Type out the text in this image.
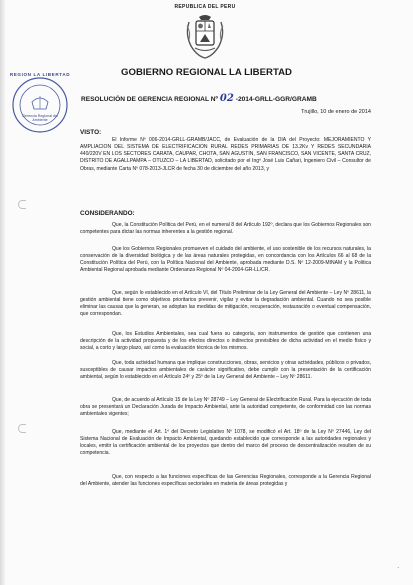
REPUBLICA DEL PERU
GOBIERNO REGIONAL LA LIBERTAD
REGION LA LIBERTAD
Gerencia Regional del Ambiente
RESOLUCIÓN DE GERENCIA REGIONAL Nº 02 -2014-GRLL-GGR/GRAMB
Trujillo, 10 de enero de 2014
VISTO:

El Informe Nº 006-2014-GRLL-GRAMB/JACC, de Evaluación de la DIA del Proyecto: MEJORAMIENTO Y AMPLIACION DEL SISTEMA DE ELECTRIFICACION RURAL REDES PRIMARIAS DE 13.2Kv Y REDES SECUNDARIA 440/220V EN LOS SECTORES CARATA, CAUPAR, CHOTA, SAN AGUSTIN, SAN FRANCISCO, SAN VICENTE, SANTA CRUZ, DISTRITO DE AGALLPAMPA – OTUZCO – LA LIBERTAD, solicitado por el Ingº José Luis Cañari, Ingeniero Civil – Consultor de Obras, mediante Carta Nº 078-2013-JLCR de fecha 30 de diciembre del año 2013, y

CONSIDERANDO:

Que, la Constitución Política del Perú, en el numeral 8 del Artículo 192º, declara que los Gobiernos Regionales son competentes para dictar las normas inherentes a la gestión regional.

Que los Gobiernos Regionales promueven el cuidado del ambiente, el uso sostenible de los recursos naturales, la conservación de la diversidad biológica y de las áreas naturales protegidas, en concordancia con los Artículos 66 al 68 de la Constitución Política del Perú, con la Política Nacional del Ambiente, aprobada mediante D.S. Nº 12-2009-MINAM y la Política Ambiental Regional aprobada mediante Ordenanza Regional Nº 04-2004-GR-LL/CR.

Que, según lo establecido en el Artículo VI, del Título Preliminar de la Ley General del Ambiente – Ley Nº 28611, la gestión ambiental tiene como objetivos prioritarios prevenir, vigilar y evitar la degradación ambiental. Cuando no sea posible eliminar las causas que la generan, se adoptan las medidas de mitigación, recuperación, restauración o eventual compensación, que correspondan.

Que, los Estudios Ambientales, sea cual fuera su categoría, son instrumentos de gestión que contienen una descripción de la actividad propuesta y de los efectos directos o indirectos previsibles de dicha actividad en el medio físico y social, a corto y largo plazo, así como la evaluación técnica de los mismos.

Que, toda actividad humana que implique construcciones, obras, servicios y otras actividades, públicos o privados, susceptibles de causar impactos ambientales de carácter significativo, debe cumplir con la presentación de la certificación ambiental, según lo establecido en el Artículo 24º y 25º de la Ley General del Ambiente – Ley Nº 28611.

Que, de acuerdo al Artículo 15 de la Ley Nº 28749 – Ley General de Electrificación Rural. Para la ejecución de toda obra se presentará un Declaración Jurada de Impacto Ambiental, ante la autoridad competente, de conformidad con las normas ambientales vigentes;

Que, mediante el Art. 1º del Decreto Legislativo Nº 1078, se modificó el Art. 18º de la Ley Nº 27446, Ley del Sistema Nacional de Evaluación de Impacto Ambiental, quedando establecido que corresponde a las autoridades regionales y locales, emitir la certificación ambiental de los proyectos que dentro del marco del proceso de descentralización resulten de su competencia.

Que, con respecto a las funciones específicas de las Gerencias Regionales, corresponde a la Gerencia Regional del Ambiente, atender las funciones específicas sectoriales en materia de áreas protegidas y

.
